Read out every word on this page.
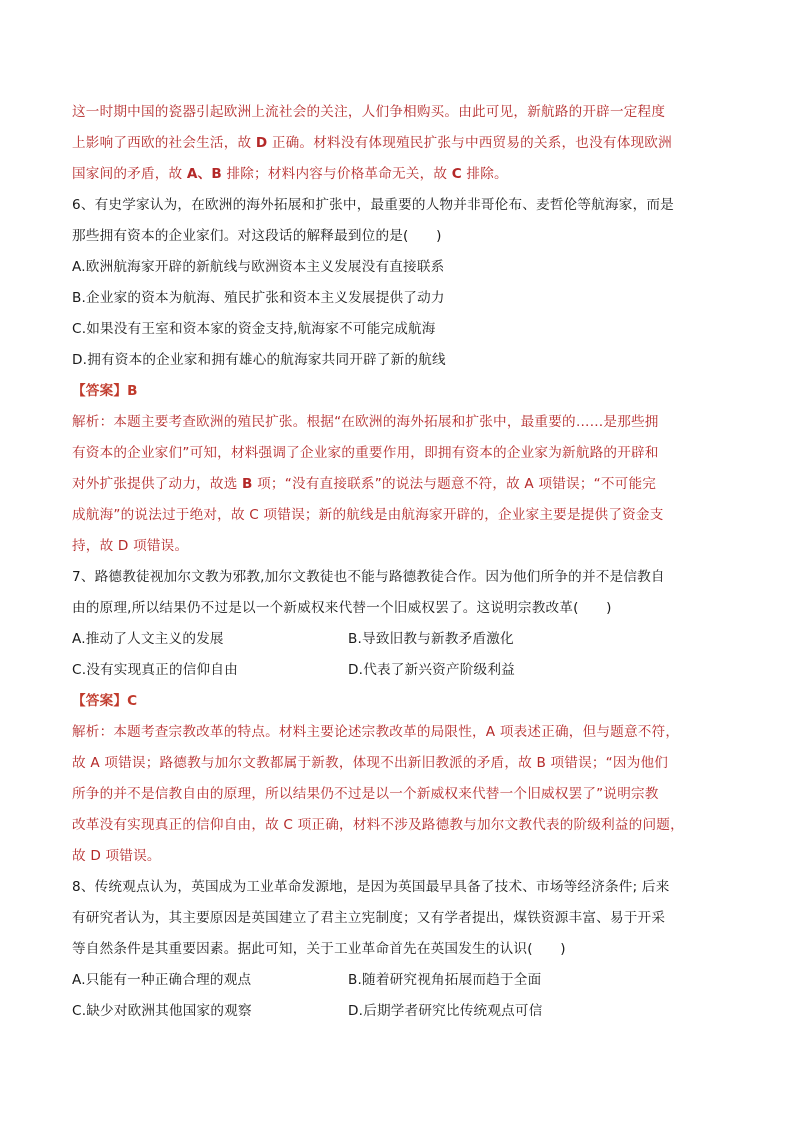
这一时期中国的瓷器引起欧洲上流社会的关注，人们争相购买。由此可见，新航路的开辟一定程度
上影响了西欧的社会生活，故 D 正确。材料没有体现殖民扩张与中西贸易的关系，也没有体现欧洲
国家间的矛盾，故 A、B 排除；材料内容与价格革命无关，故 C 排除。
6、有史学家认为，在欧洲的海外拓展和扩张中，最重要的人物并非哥伦布、麦哲伦等航海家，而是
那些拥有资本的企业家们。对这段话的解释最到位的是(　　)
A.欧洲航海家开辟的新航线与欧洲资本主义发展没有直接联系
B.企业家的资本为航海、殖民扩张和资本主义发展提供了动力
C.如果没有王室和资本家的资金支持,航海家不可能完成航海
D.拥有资本的企业家和拥有雄心的航海家共同开辟了新的航线
【答案】B
解析：本题主要考查欧洲的殖民扩张。根据“在欧洲的海外拓展和扩张中，最重要的……是那些拥
有资本的企业家们”可知，材料强调了企业家的重要作用，即拥有资本的企业家为新航路的开辟和
对外扩张提供了动力，故选 B 项；“没有直接联系”的说法与题意不符，故 A 项错误；“不可能完
成航海”的说法过于绝对，故 C 项错误；新的航线是由航海家开辟的，企业家主要是提供了资金支
持，故 D 项错误。
7、路德教徒视加尔文教为邪教,加尔文教徒也不能与路德教徒合作。因为他们所争的并不是信教自
由的原理,所以结果仍不过是以一个新威权来代替一个旧威权罢了。这说明宗教改革(　　)
A.推动了人文主义的发展	B.导致旧教与新教矛盾激化
C.没有实现真正的信仰自由	D.代表了新兴资产阶级利益
【答案】C
解析：本题考查宗教改革的特点。材料主要论述宗教改革的局限性，A 项表述正确，但与题意不符，
故 A 项错误；路德教与加尔文教都属于新教，体现不出新旧教派的矛盾，故 B 项错误；“因为他们
所争的并不是信教自由的原理，所以结果仍不过是以一个新威权来代替一个旧威权罢了”说明宗教
改革没有实现真正的信仰自由，故 C 项正确，材料不涉及路德教与加尔文教代表的阶级利益的问题，
故 D 项错误。
8、传统观点认为，英国成为工业革命发源地，是因为英国最早具备了技术、市场等经济条件; 后来
有研究者认为，其主要原因是英国建立了君主立宪制度；又有学者提出，煤铁资源丰富、易于开采
等自然条件是其重要因素。据此可知，关于工业革命首先在英国发生的认识(　　)
A.只能有一种正确合理的观点	B.随着研究视角拓展而趋于全面
C.缺少对欧洲其他国家的观察	D.后期学者研究比传统观点可信
